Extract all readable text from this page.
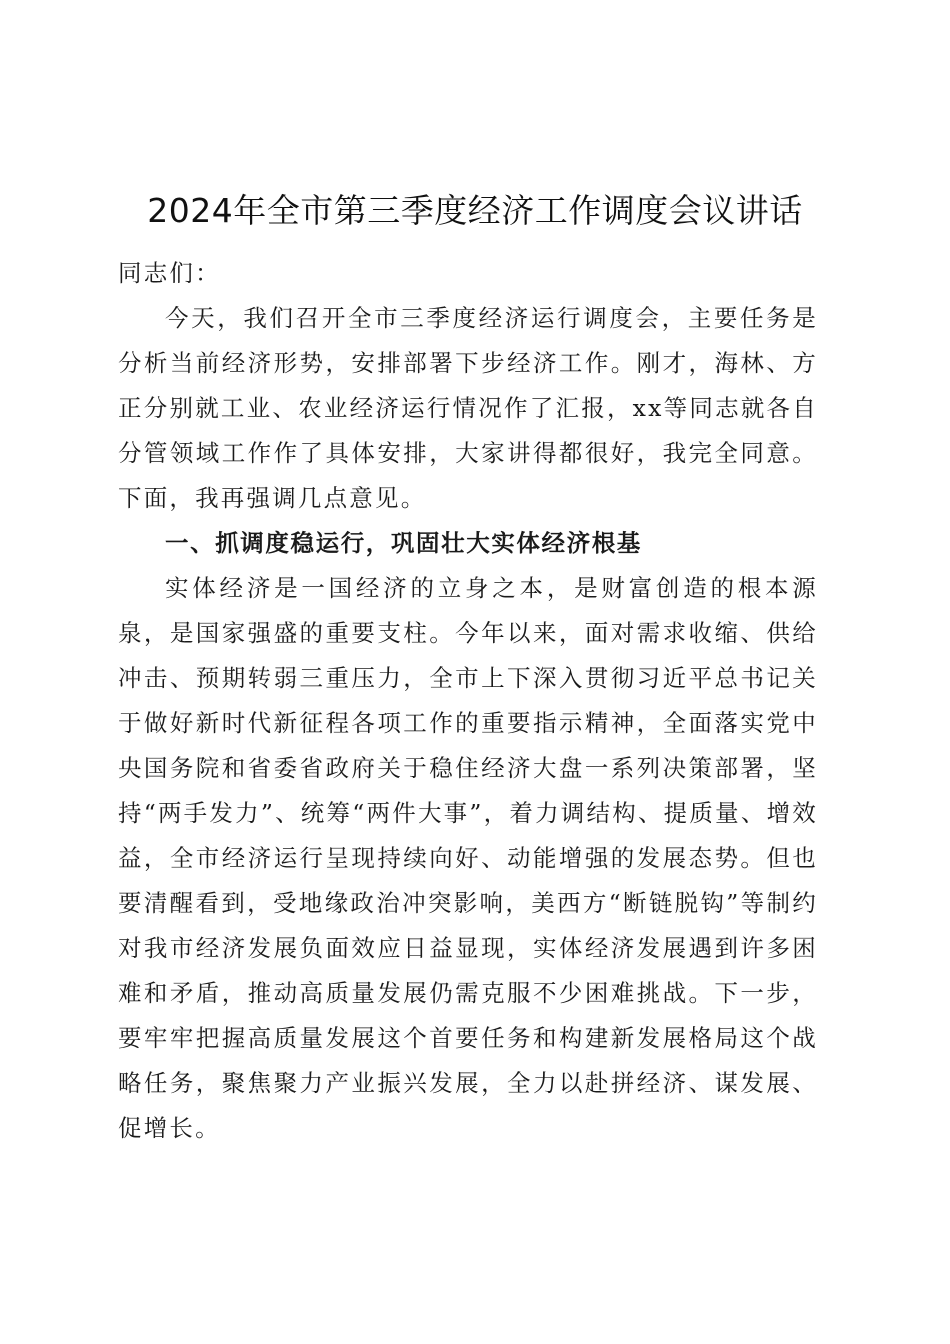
2024年全市第三季度经济工作调度会议讲话

同志们：

今天，我们召开全市三季度经济运行调度会，主要任务是分析当前经济形势，安排部署下步经济工作。刚才，海林、方正分别就工业、农业经济运行情况作了汇报，xx等同志就各自分管领域工作作了具体安排，大家讲得都很好，我完全同意。下面，我再强调几点意见。

一、抓调度稳运行，巩固壮大实体经济根基

实体经济是一国经济的立身之本，是财富创造的根本源泉，是国家强盛的重要支柱。今年以来，面对需求收缩、供给冲击、预期转弱三重压力，全市上下深入贯彻习近平总书记关于做好新时代新征程各项工作的重要指示精神，全面落实党中央国务院和省委省政府关于稳住经济大盘一系列决策部署，坚持“两手发力”、统筹“两件大事”，着力调结构、提质量、增效益，全市经济运行呈现持续向好、动能增强的发展态势。但也要清醒看到，受地缘政治冲突影响，美西方“断链脱钩”等制约对我市经济发展负面效应日益显现，实体经济发展遇到许多困难和矛盾，推动高质量发展仍需克服不少困难挑战。下一步，要牢牢把握高质量发展这个首要任务和构建新发展格局这个战略任务，聚焦聚力产业振兴发展，全力以赴拼经济、谋发展、促增长。
